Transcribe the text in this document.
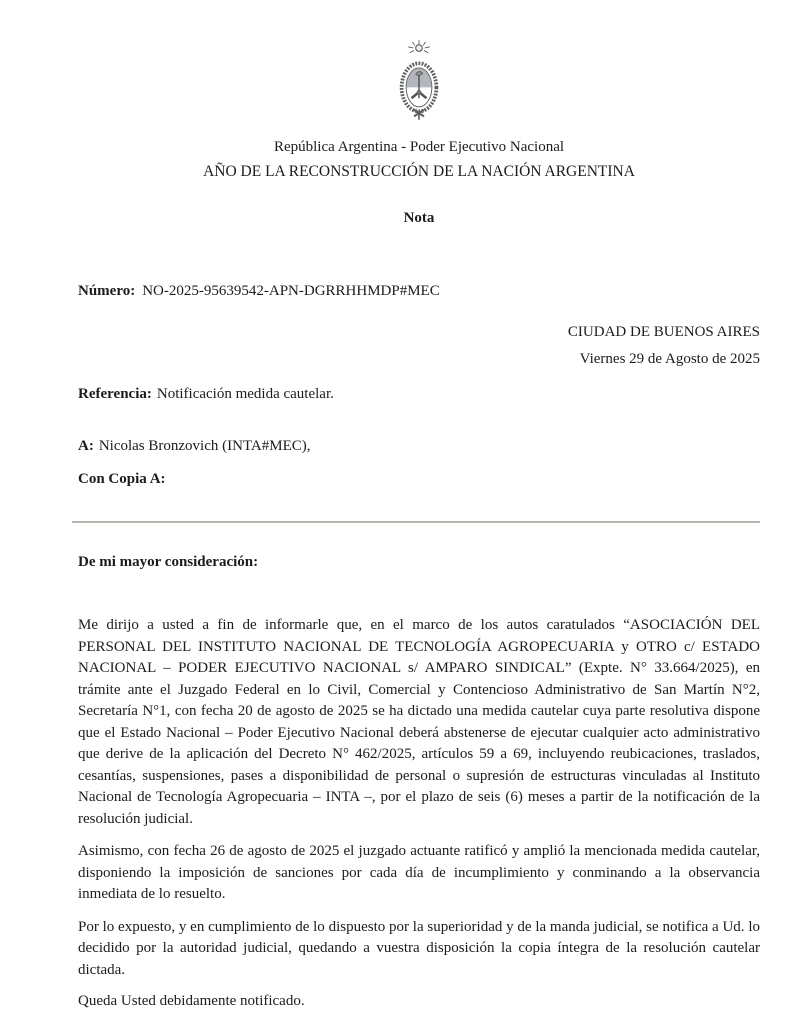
República Argentina - Poder Ejecutivo Nacional
AÑO DE LA RECONSTRUCCIÓN DE LA NACIÓN ARGENTINA
Nota

Número: NO-2025-95639542-APN-DGRRHHMDP#MEC

CIUDAD DE BUENOS AIRES
Viernes 29 de Agosto de 2025

Referencia: Notificación medida cautelar.

A: Nicolas Bronzovich (INTA#MEC),

Con Copia A:

De mi mayor consideración:

Me dirijo a usted a fin de informarle que, en el marco de los autos caratulados “ASOCIACIÓN DEL PERSONAL DEL INSTITUTO NACIONAL DE TECNOLOGÍA AGROPECUARIA y OTRO c/ ESTADO NACIONAL – PODER EJECUTIVO NACIONAL s/ AMPARO SINDICAL” (Expte. N° 33.664/2025), en trámite ante el Juzgado Federal en lo Civil, Comercial y Contencioso Administrativo de San Martín N°2, Secretaría N°1, con fecha 20 de agosto de 2025 se ha dictado una medida cautelar cuya parte resolutiva dispone que el Estado Nacional – Poder Ejecutivo Nacional deberá abstenerse de ejecutar cualquier acto administrativo que derive de la aplicación del Decreto N° 462/2025, artículos 59 a 69, incluyendo reubicaciones, traslados, cesantías, suspensiones, pases a disponibilidad de personal o supresión de estructuras vinculadas al Instituto Nacional de Tecnología Agropecuaria – INTA –, por el plazo de seis (6) meses a partir de la notificación de la resolución judicial.

Asimismo, con fecha 26 de agosto de 2025 el juzgado actuante ratificó y amplió la mencionada medida cautelar, disponiendo la imposición de sanciones por cada día de incumplimiento y conminando a la observancia inmediata de lo resuelto.

Por lo expuesto, y en cumplimiento de lo dispuesto por la superioridad y de la manda judicial, se notifica a Ud. lo decidido por la autoridad judicial, quedando a vuestra disposición la copia íntegra de la resolución cautelar dictada.

Queda Usted debidamente notificado.
